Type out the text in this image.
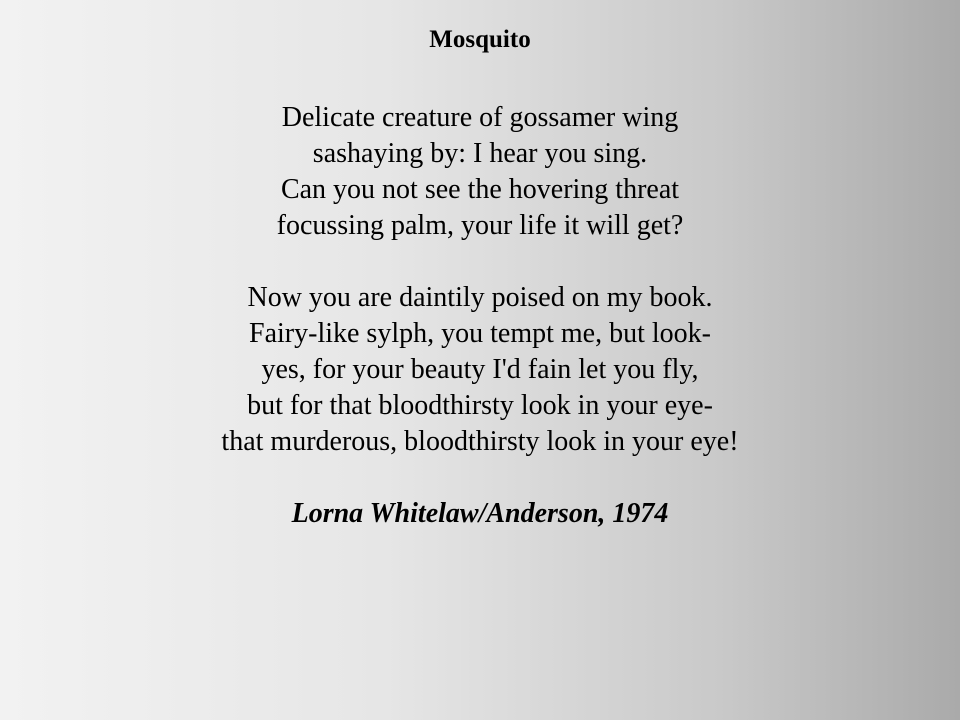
Mosquito
Delicate creature of gossamer wing
sashaying by: I hear you sing.
Can you not see the hovering threat
focussing palm, your life it will get?
Now you are daintily poised on my book.
Fairy-like sylph, you tempt me, but look-
yes, for your beauty I'd fain let you fly,
but for that bloodthirsty look in your eye-
that murderous, bloodthirsty look in your eye!
Lorna Whitelaw/Anderson, 1974
